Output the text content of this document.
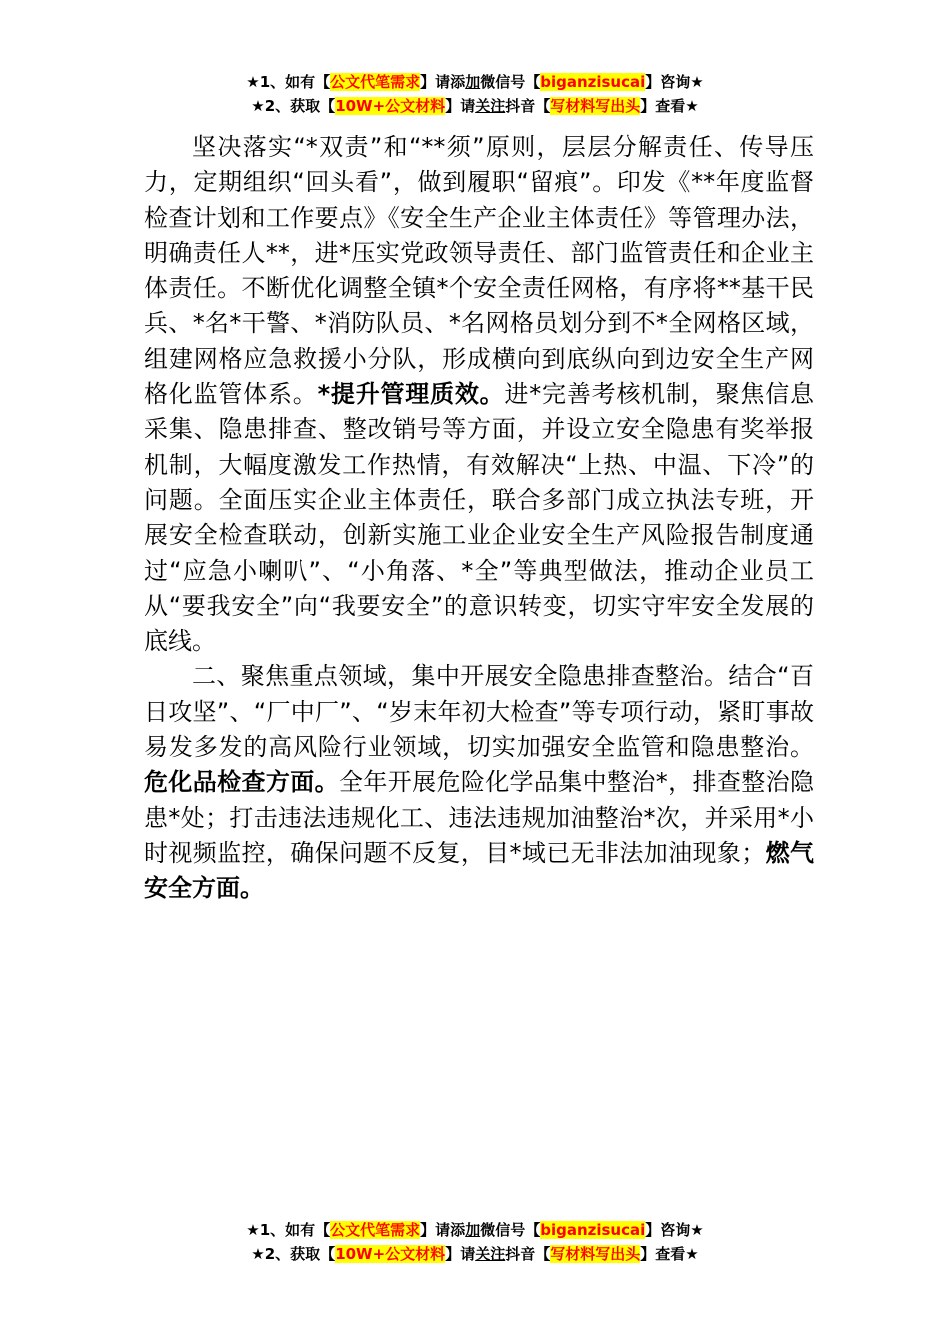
★1、如有【公文代笔需求】请添加微信号【biganzisucai】咨询★
★2、获取【10W+公文材料】请关注抖音【写材料写出头】查看★

坚决落实“*双责”和“**须”原则，层层分解责任、传导压力，定期组织“回头看”，做到履职“留痕”。印发《**年度监督检查计划和工作要点》《安全生产企业主体责任》等管理办法，明确责任人**，进*压实党政领导责任、部门监管责任和企业主体责任。不断优化调整全镇*个安全责任网格，有序将**基干民兵、*名*干警、*消防队员、*名网格员划分到不*全网格区域，组建网格应急救援小分队，形成横向到底纵向到边安全生产网格化监管体系。*提升管理质效。进*完善考核机制，聚焦信息采集、隐患排查、整改销号等方面，并设立安全隐患有奖举报机制，大幅度激发工作热情，有效解决“上热、中温、下冷”的问题。全面压实企业主体责任，联合多部门成立执法专班，开展安全检查联动，创新实施工业企业安全生产风险报告制度通过“应急小喇叭”、“小角落、*全”等典型做法，推动企业员工从“要我安全”向“我要安全”的意识转变，切实守牢安全发展的底线。

二、聚焦重点领域，集中开展安全隐患排查整治。结合“百日攻坚”、“厂中厂”、“岁末年初大检查”等专项行动，紧盯事故易发多发的高风险行业领域，切实加强安全监管和隐患整治。危化品检查方面。全年开展危险化学品集中整治*，排查整治隐患*处；打击违法违规化工、违法违规加油整治*次，并采用*小时视频监控，确保问题不反复，目*域已无非法加油现象；燃气安全方面。

★1、如有【公文代笔需求】请添加微信号【biganzisucai】咨询★
★2、获取【10W+公文材料】请关注抖音【写材料写出头】查看★
